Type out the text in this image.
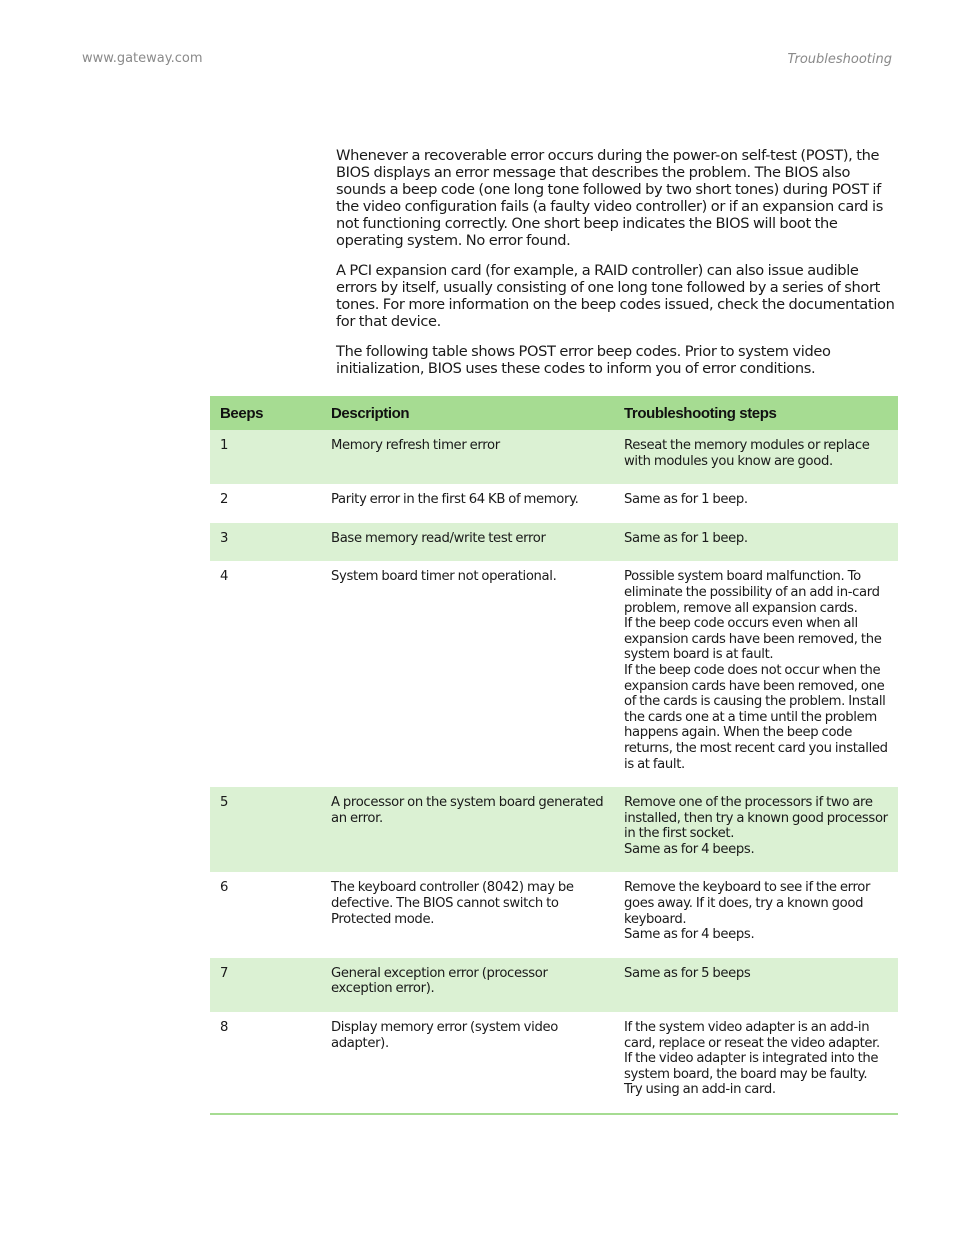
www.gateway.com	Troubleshooting

Whenever a recoverable error occurs during the power-on self-test (POST), the BIOS displays an error message that describes the problem. The BIOS also sounds a beep code (one long tone followed by two short tones) during POST if the video configuration fails (a faulty video controller) or if an expansion card is not functioning correctly. One short beep indicates the BIOS will boot the operating system. No error found.

A PCI expansion card (for example, a RAID controller) can also issue audible errors by itself, usually consisting of one long tone followed by a series of short tones. For more information on the beep codes issued, check the documentation for that device.

The following table shows POST error beep codes. Prior to system video initialization, BIOS uses these codes to inform you of error conditions.

Beeps	Description	Troubleshooting steps
1	Memory refresh timer error	Reseat the memory modules or replace with modules you know are good.

2	Parity error in the first 64 KB of memory.	Same as for 1 beep.

3	Base memory read/write test error	Same as for 1 beep.

4	System board timer not operational.	Possible system board malfunction. To eliminate the possibility of an add in-card problem, remove all expansion cards.
If the beep code occurs even when all expansion cards have been removed, the system board is at fault.
If the beep code does not occur when the expansion cards have been removed, one of the cards is causing the problem. Install the cards one at a time until the problem happens again. When the beep code returns, the most recent card you installed is at fault.

5	A processor on the system board generated an error.	Remove one of the processors if two are installed, then try a known good processor in the first socket.
Same as for 4 beeps.

6	The keyboard controller (8042) may be defective. The BIOS cannot switch to Protected mode.	Remove the keyboard to see if the error goes away. If it does, try a known good keyboard.
Same as for 4 beeps.

7	General exception error (processor exception error).	Same as for 5 beeps

8	Display memory error (system video adapter).	If the system video adapter is an add-in card, replace or reseat the video adapter. If the video adapter is integrated into the system board, the board may be faulty. Try using an add-in card.
